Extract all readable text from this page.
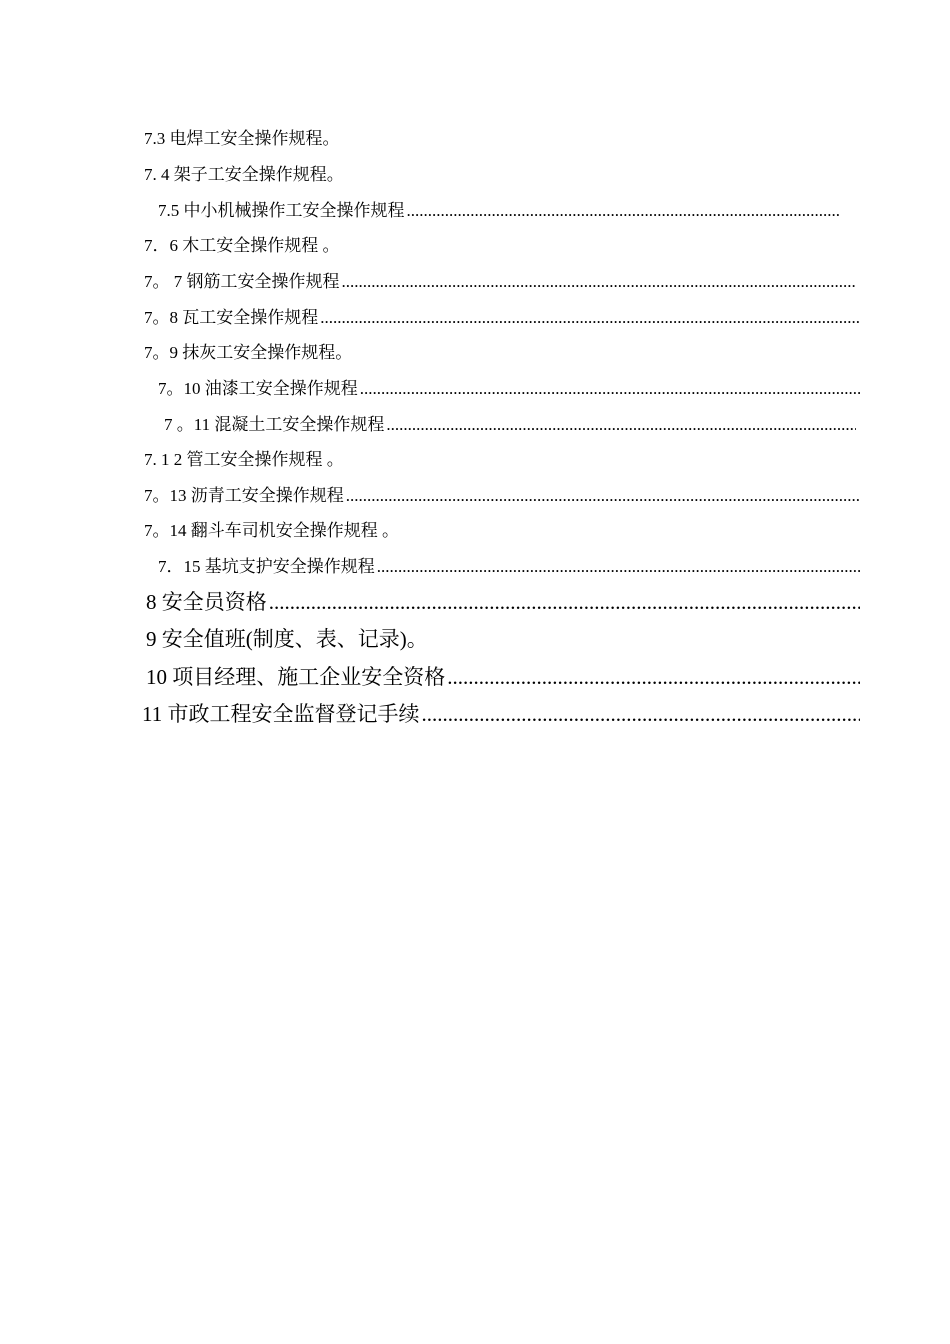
7.3 电焊工安全操作规程。
7. 4 架子工安全操作规程。
7.5 中小机械操作工安全操作规程
.....
7．6 木工安全操作规程 。
7。 7 钢筋工安全操作规程
.....
7。8 瓦工安全操作规程
.....
7。9 抹灰工安全操作规程。
7。10 油漆工安全操作规程
.....
7 。11 混凝土工安全操作规程
.....
7. 1 2 管工安全操作规程 。
7。13 沥青工安全操作规程
.....
7。14 翻斗车司机安全操作规程 。
7．15 基坑支护安全操作规程
.....
8 安全员资格
.....
9 安全值班(制度、表、记录)。
10 项目经理、施工企业安全资格
.....
11 市政工程安全监督登记手续
.....
